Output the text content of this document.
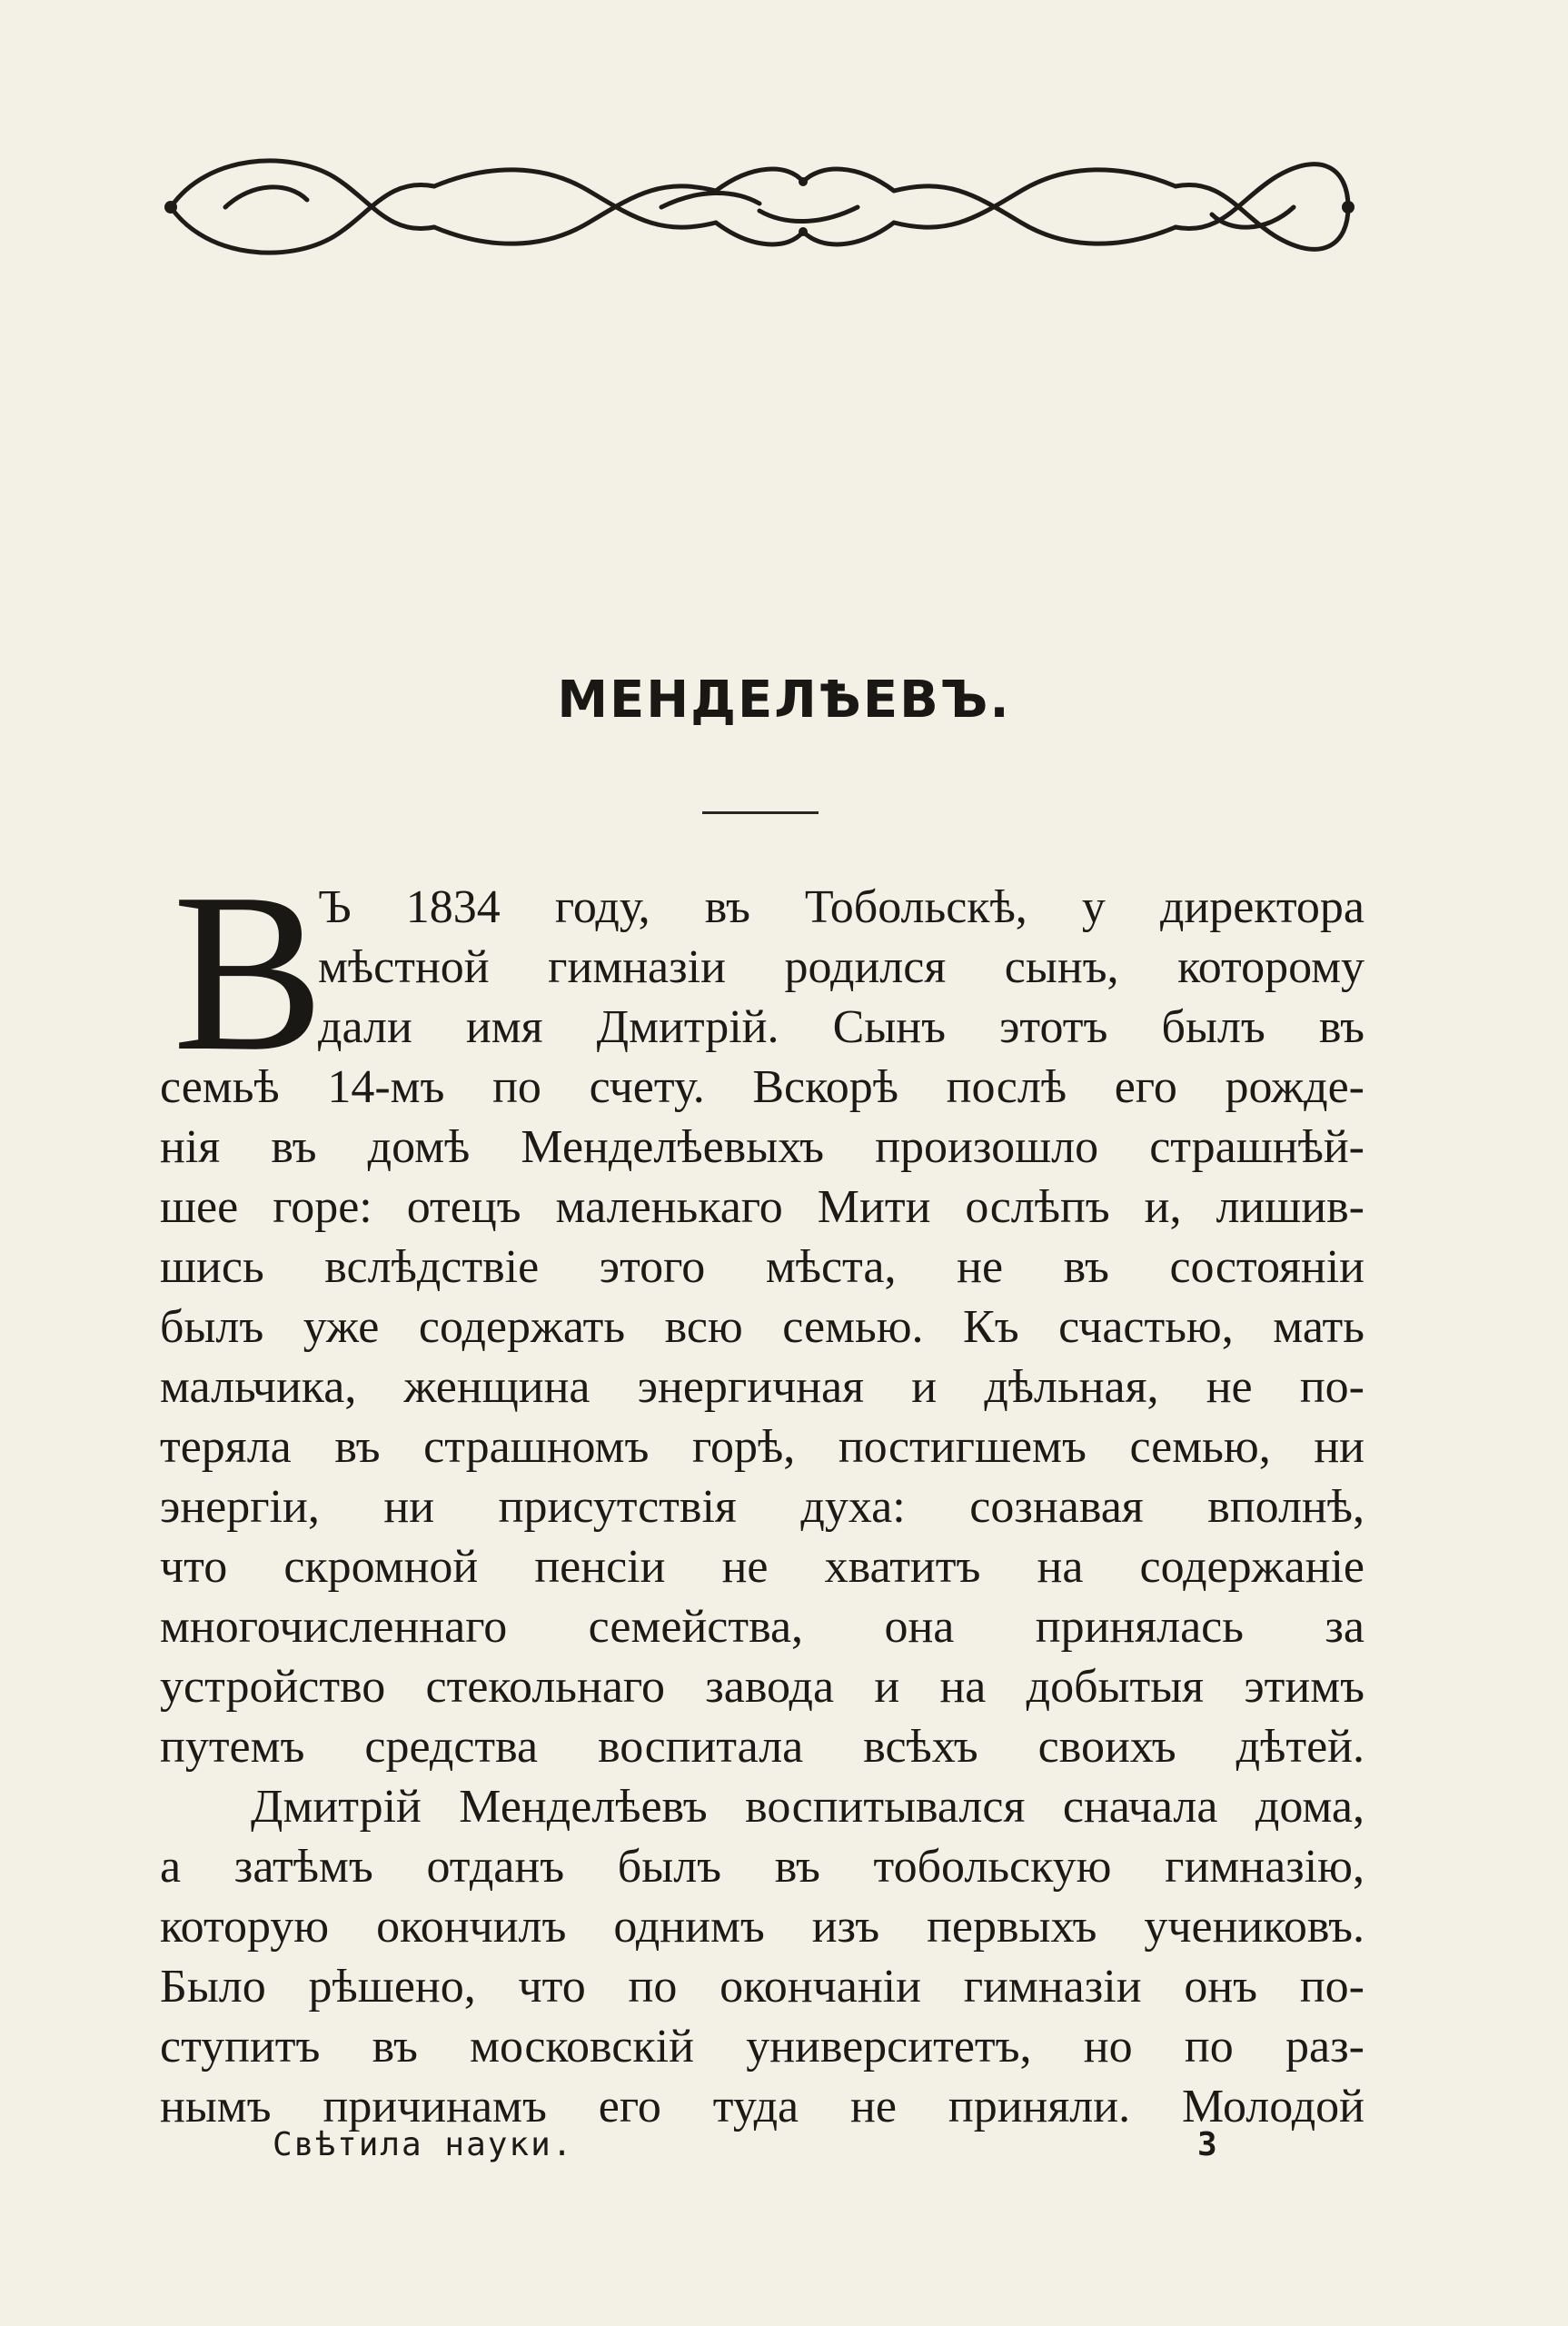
МЕНДЕЛѢЕВЪ.
В
Ъ 1834 году, въ Тобольскѣ, у директора
мѣстной гимназіи родился сынъ, которому
дали имя Дмитрій. Сынъ этотъ былъ въ
семьѣ 14-мъ по счету. Вскорѣ послѣ его рожде-
нія въ домѣ Менделѣевыхъ произошло страшнѣй-
шее горе: отецъ маленькаго Мити ослѣпъ и, лишив-
шись вслѣдствіе этого мѣста, не въ состояніи
былъ уже содержать всю семью. Къ счастью, мать
мальчика, женщина энергичная и дѣльная, не по-
теряла въ страшномъ горѣ, постигшемъ семью, ни
энергіи, ни присутствія духа: сознавая вполнѣ,
что скромной пенсіи не хватитъ на содержаніе
многочисленнаго семейства, она принялась за
устройство стекольнаго завода и на добытыя этимъ
путемъ средства воспитала всѣхъ своихъ дѣтей.
Дмитрій Менделѣевъ воспитывался сначала дома,
а затѣмъ отданъ былъ въ тобольскую гимназію,
которую окончилъ однимъ изъ первыхъ учениковъ.
Было рѣшено, что по окончаніи гимназіи онъ по-
ступитъ въ московскій университетъ, но по раз-
нымъ причинамъ его туда не приняли. Молодой
Свѣтила науки.	3
